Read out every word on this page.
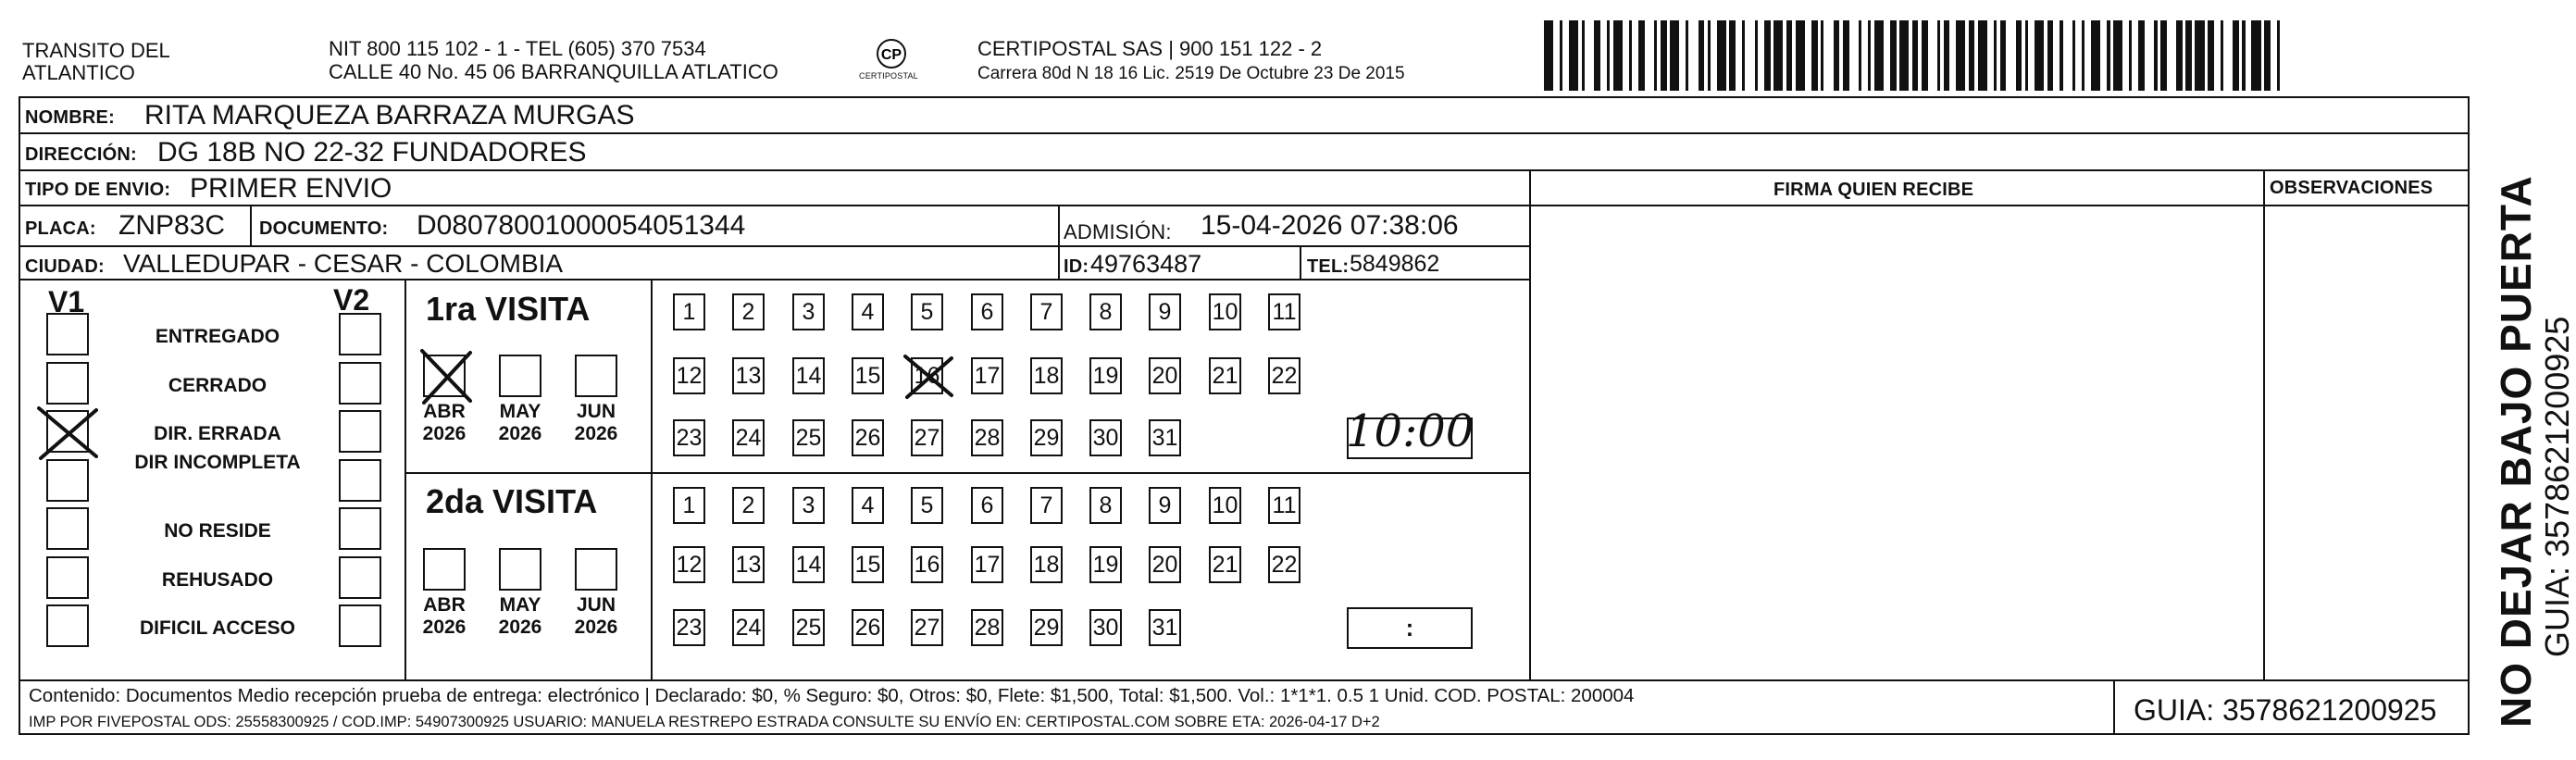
TRANSITO DEL
ATLANTICO
NIT 800 115 102 - 1 - TEL (605) 370 7534
CALLE 40 No. 45 06 BARRANQUILLA ATLATICO
CP
CERTIPOSTAL
CERTIPOSTAL SAS | 900 151 122 - 2
Carrera 80d N 18 16 Lic. 2519 De Octubre 23 De 2015
NOMBRE: RITA MARQUEZA BARRAZA MURGAS
DIRECCIÓN: DG 18B NO 22-32 FUNDADORES
TIPO DE ENVIO: PRIMER ENVIO	FIRMA QUIEN RECIBE	OBSERVACIONES
PLACA: ZNP83C DOCUMENTO: D08078001000054051344	ADMISIÓN: 15-04-2026 07:38:06
CIUDAD: VALLEDUPAR - CESAR - COLOMBIA	ID: 49763487	TEL: 5849862
V1	V2 1ra VISITA
2da VISITA
Contenido: Documentos Medio recepción prueba de entrega: electrónico | Declarado: $0, % Seguro: $0, Otros: $0, Flete: $1,500, Total: $1,500. Vol.: 1*1*1. 0.5 1 Unid. COD. POSTAL: 200004
IMP POR FIVEPOSTAL ODS: 25558300925 / COD.IMP: 54907300925 USUARIO: MANUELA RESTREPO ESTRADA CONSULTE SU ENVÍO EN: CERTIPOSTAL.COM SOBRE ETA: 2026-04-17 D+2	GUIA: 3578621200925 NO DEJAR BAJO PUERTA
GUIA: 3578621200925
ENTREGADO
CERRADO
DIR. ERRADA
DIR INCOMPLETA
NO RESIDE
REHUSADO
DIFICIL ACCESO
ABR
2026
MAY
2026
JUN
2026
ABR
2026
MAY
2026
JUN
2026
1	2	3	4	5	6	7	8	9	10 11
12 13 14 15 16 17 18 19 20 21 22
23 24 25 26 27 28 29 30 31
1	2	3	4	5	6	7	8	9	10 11
12 13 14 15 16 17 18 19 20 21 22
23 24 25 26 27 28 29 30 31
10:00
:
